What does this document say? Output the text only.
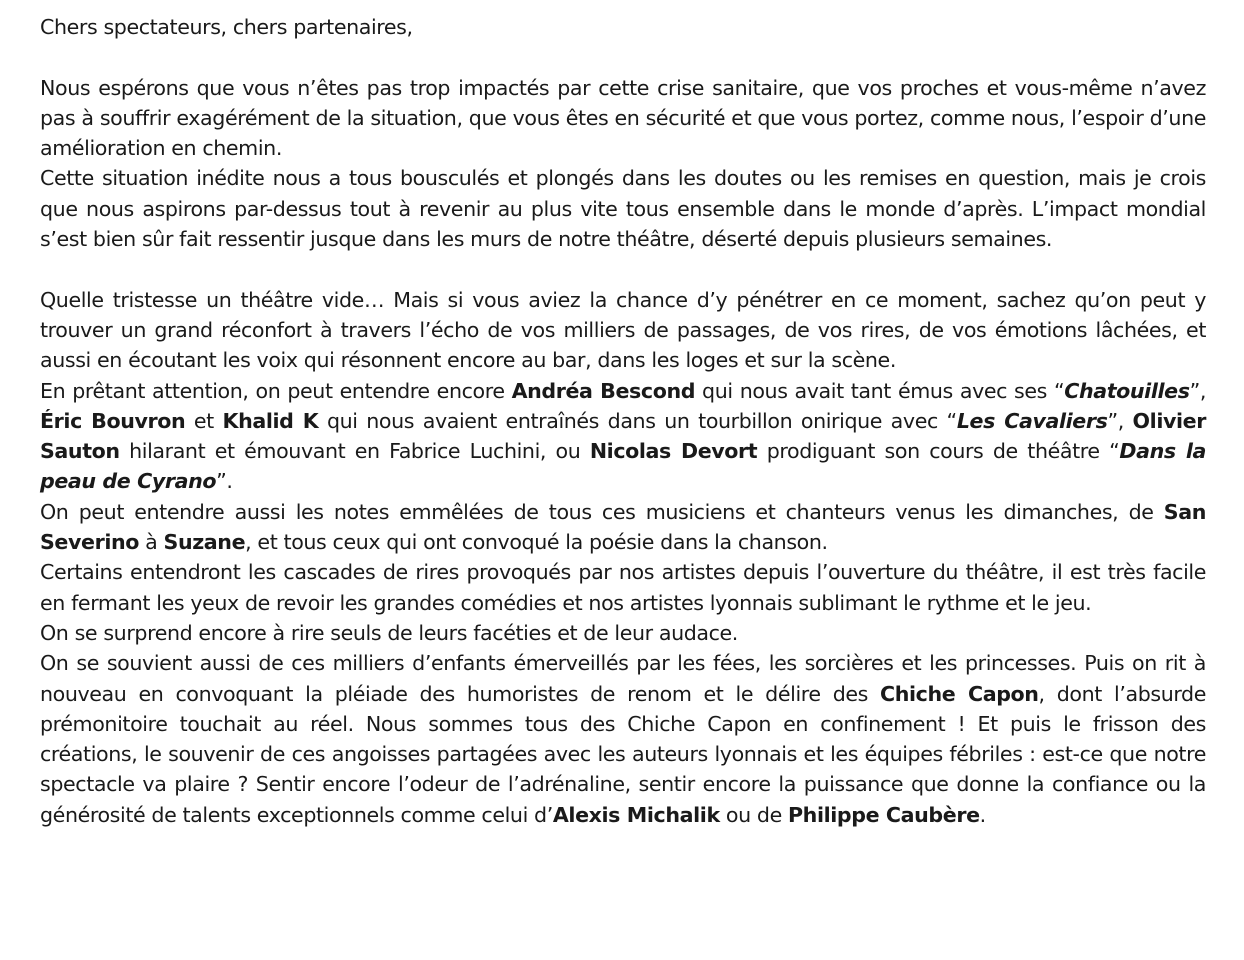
Chers spectateurs, chers partenaires,

Nous espérons que vous n’êtes pas trop impactés par cette crise sanitaire, que vos proches et vous-même n’avez pas à souffrir exagérément de la situation, que vous êtes en sécurité et que vous portez, comme nous, l’espoir d’une amélioration en chemin.

Cette situation inédite nous a tous bousculés et plongés dans les doutes ou les remises en question, mais je crois que nous aspirons par-dessus tout à revenir au plus vite tous ensemble dans le monde d’après. L’impact mondial s’est bien sûr fait ressentir jusque dans les murs de notre théâtre, déserté depuis plusieurs semaines.

Quelle tristesse un théâtre vide… Mais si vous aviez la chance d’y pénétrer en ce moment, sachez qu’on peut y trouver un grand réconfort à travers l’écho de vos milliers de passages, de vos rires, de vos émotions lâchées, et aussi en écoutant les voix qui résonnent encore au bar, dans les loges et sur la scène.

En prêtant attention, on peut entendre encore Andréa Bescond qui nous avait tant émus avec ses “Chatouilles”, Éric Bouvron et Khalid K qui nous avaient entraînés dans un tourbillon onirique avec “Les Cavaliers”, Olivier Sauton hilarant et émouvant en Fabrice Luchini, ou Nicolas Devort prodiguant son cours de théâtre “Dans la peau de Cyrano”.

On peut entendre aussi les notes emmêlées de tous ces musiciens et chanteurs venus les dimanches, de San Severino à Suzane, et tous ceux qui ont convoqué la poésie dans la chanson.

Certains entendront les cascades de rires provoqués par nos artistes depuis l’ouverture du théâtre, il est très facile en fermant les yeux de revoir les grandes comédies et nos artistes lyonnais sublimant le rythme et le jeu.

On se surprend encore à rire seuls de leurs facéties et de leur audace.

On se souvient aussi de ces milliers d’enfants émerveillés par les fées, les sorcières et les princesses. Puis on rit à nouveau en convoquant la pléiade des humoristes de renom et le délire des Chiche Capon, dont l’absurde prémonitoire touchait au réel. Nous sommes tous des Chiche Capon en confinement ! Et puis le frisson des créations, le souvenir de ces angoisses partagées avec les auteurs lyonnais et les équipes fébriles : est-ce que notre spectacle va plaire ? Sentir encore l’odeur de l’adrénaline, sentir encore la puissance que donne la confiance ou la générosité de talents exceptionnels comme celui d’Alexis Michalik ou de Philippe Caubère.
